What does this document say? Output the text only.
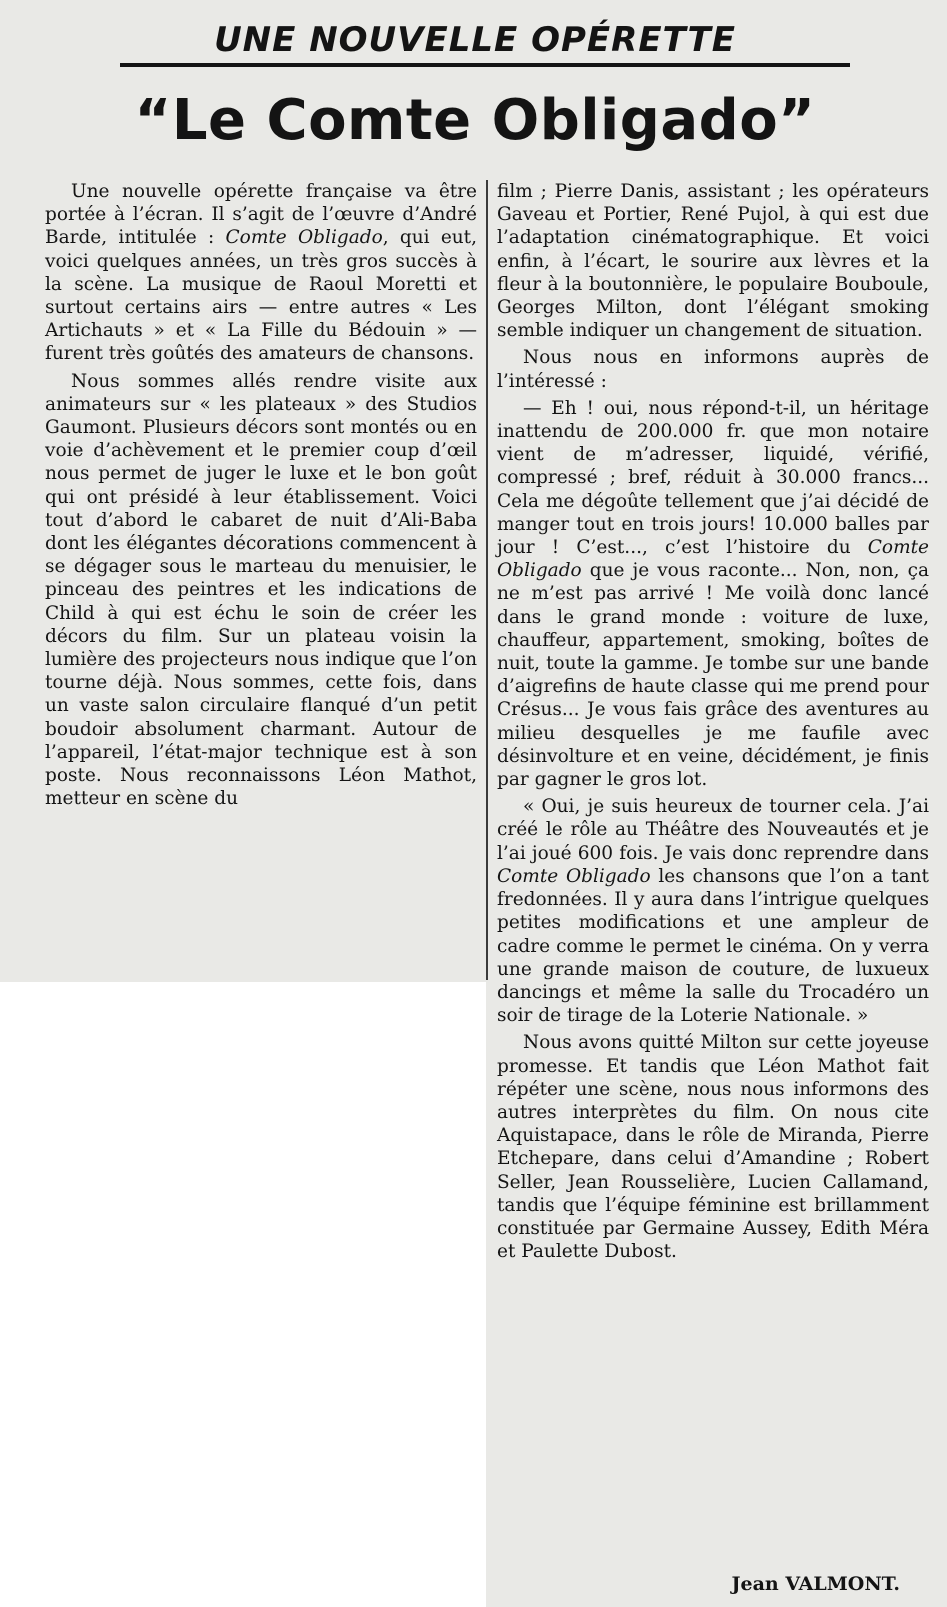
UNE NOUVELLE OPÉRETTE
“Le Comte Obligado”

Une nouvelle opérette française va être portée à l’écran. Il s’agit de l’œuvre d’André Barde, intitulée : Comte Obligado, qui eut, voici quelques années, un très gros succès à la scène. La musique de Raoul Moretti et surtout certains airs — entre autres « Les Artichauts » et « La Fille du Bédouin » — furent très goûtés des amateurs de chansons.

Nous sommes allés rendre visite aux animateurs sur « les plateaux » des Studios Gaumont. Plusieurs décors sont montés ou en voie d’achèvement et le premier coup d’œil nous permet de juger le luxe et le bon goût qui ont présidé à leur établissement. Voici tout d’abord le cabaret de nuit d’Ali-Baba dont les élégantes décorations commencent à se dégager sous le marteau du menuisier, le pinceau des peintres et les indications de Child à qui est échu le soin de créer les décors du film. Sur un plateau voisin la lumière des projecteurs nous indique que l’on tourne déjà. Nous sommes, cette fois, dans un vaste salon circulaire flanqué d’un petit boudoir absolument charmant. Autour de l’appareil, l’état-major technique est à son poste. Nous reconnaissons Léon Mathot, metteur en scène du

film ; Pierre Danis, assistant ; les opérateurs Gaveau et Portier, René Pujol, à qui est due l’adaptation cinématographique. Et voici enfin, à l’écart, le sourire aux lèvres et la fleur à la boutonnière, le populaire Bouboule, Georges Milton, dont l’élégant smoking semble indiquer un changement de situation.

Nous nous en informons auprès de l’intéressé :

— Eh ! oui, nous répond-t-il, un héritage inattendu de 200.000 fr. que mon notaire vient de m’adresser, liquidé, vérifié, compressé ; bref, réduit à 30.000 francs... Cela me dégoûte tellement que j’ai décidé de manger tout en trois jours! 10.000 balles par jour ! C’est..., c’est l’histoire du Comte Obligado que je vous raconte... Non, non, ça ne m’est pas arrivé ! Me voilà donc lancé dans le grand monde : voiture de luxe, chauffeur, appartement, smoking, boîtes de nuit, toute la gamme. Je tombe sur une bande d’aigrefins de haute classe qui me prend pour Crésus... Je vous fais grâce des aventures au milieu desquelles je me faufile avec désinvolture et en veine, décidément, je finis par gagner le gros lot.

« Oui, je suis heureux de tourner cela. J’ai créé le rôle au Théâtre des Nouveautés et je l’ai joué 600 fois. Je vais donc reprendre dans Comte Obligado les chansons que l’on a tant fredonnées. Il y aura dans l’intrigue quelques petites modifications et une ampleur de cadre comme le permet le cinéma. On y verra une grande maison de couture, de luxueux dancings et même la salle du Trocadéro un soir de tirage de la Loterie Nationale. »

Nous avons quitté Milton sur cette joyeuse promesse. Et tandis que Léon Mathot fait répéter une scène, nous nous informons des autres interprètes du film. On nous cite Aquistapace, dans le rôle de Miranda, Pierre Etchepare, dans celui d’Amandine ; Robert Seller, Jean Rousselière, Lucien Callamand, tandis que l’équipe féminine est brillamment constituée par Germaine Aussey, Edith Méra et Paulette Dubost.

Jean VALMONT.
